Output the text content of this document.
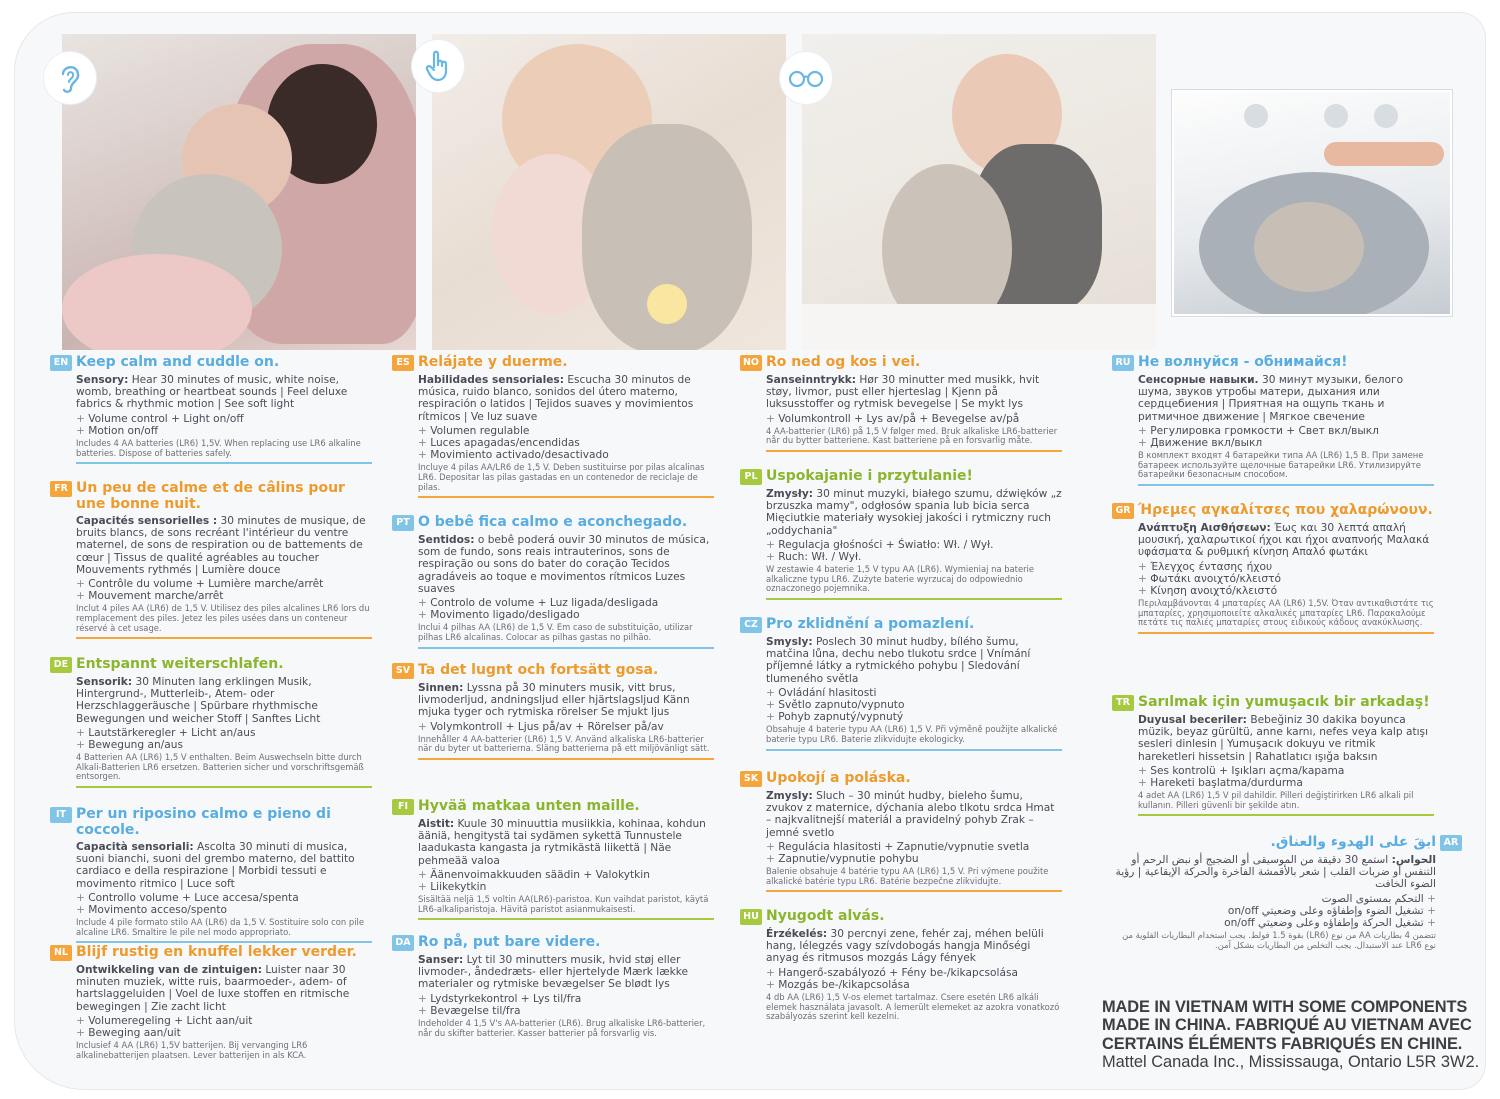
EN Keep calm and cuddle on.
Sensory: Hear 30 minutes of music, white noise, womb, breathing or heartbeat sounds | Feel deluxe fabrics & rhythmic motion | See soft light
+ Volume control + Light on/off
+ Motion on/off
Includes 4 AA batteries (LR6) 1,5V. When replacing use LR6 alkaline batteries. Dispose of batteries safely.
FR Un peu de calme et de câlins pour une bonne nuit.
Capacités sensorielles : 30 minutes de musique, de bruits blancs, de sons recréant l'intérieur du ventre maternel, de sons de respiration ou de battements de cœur | Tissus de qualité agréables au toucher Mouvements rythmés | Lumière douce
+ Contrôle du volume + Lumière marche/arrêt
+ Mouvement marche/arrêt
Inclut 4 piles AA (LR6) de 1,5 V. Utilisez des piles alcalines LR6 lors du remplacement des piles. Jetez les piles usées dans un conteneur réservé à cet usage.
DE Entspannt weiterschlafen.
Sensorik: 30 Minuten lang erklingen Musik, Hintergrund-, Mutterleib-, Atem- oder Herzschlaggeräusche | Spürbare rhythmische Bewegungen und weicher Stoff | Sanftes Licht
+ Lautstärkeregler + Licht an/aus
+ Bewegung an/aus
4 Batterien AA (LR6) 1,5 V enthalten. Beim Auswechseln bitte durch Alkali-Batterien LR6 ersetzen. Batterien sicher und vorschriftsgemäß entsorgen.
IT Per un riposino calmo e pieno di coccole.
Capacità sensoriali: Ascolta 30 minuti di musica, suoni bianchi, suoni del grembo materno, del battito cardiaco e della respirazione | Morbidi tessuti e movimento ritmico | Luce soft
+ Controllo volume + Luce accesa/spenta
+ Movimento acceso/spento
Include 4 pile formato stilo AA (LR6) da 1,5 V. Sostituire solo con pile alcaline LR6. Smaltire le pile nel modo appropriato.
NL Blijf rustig en knuffel lekker verder.
Ontwikkeling van de zintuigen: Luister naar 30 minuten muziek, witte ruis, baarmoeder-, adem- of hartslaggeluiden | Voel de luxe stoffen en ritmische bewegingen | Zie zacht licht
+ Volumeregeling + Licht aan/uit
+ Beweging aan/uit
Inclusief 4 AA (LR6) 1,5V batterijen. Bij vervanging LR6 alkalinebatterijen plaatsen. Lever batterijen in als KCA.
ES Relájate y duerme.
Habilidades sensoriales: Escucha 30 minutos de música, ruido blanco, sonidos del útero materno, respiración o latidos | Tejidos suaves y movimientos rítmicos | Ve luz suave
+ Volumen regulable
+ Luces apagadas/encendidas
+ Movimiento activado/desactivado
Incluye 4 pilas AA/LR6 de 1,5 V. Deben sustituirse por pilas alcalinas LR6. Depositar las pilas gastadas en un contenedor de reciclaje de pilas.
PT O bebê fica calmo e aconchegado.
Sentidos: o bebê poderá ouvir 30 minutos de música, som de fundo, sons reais intrauterinos, sons de respiração ou sons do bater do coração Tecidos agradáveis ao toque e movimentos rítmicos Luzes suaves
+ Controlo de volume + Luz ligada/desligada
+ Movimento ligado/desligado
Inclui 4 pilhas AA (LR6) de 1,5 V. Em caso de substituição, utilizar pilhas LR6 alcalinas. Colocar as pilhas gastas no pilhão.
SV Ta det lugnt och fortsätt gosa.
Sinnen: Lyssna på 30 minuters musik, vitt brus, livmoderljud, andningsljud eller hjärtslagsljud Känn mjuka tyger och rytmiska rörelser Se mjukt ljus
+ Volymkontroll + Ljus på/av + Rörelser på/av
Innehåller 4 AA-batterier (LR6) 1,5 V. Använd alkaliska LR6-batterier när du byter ut batterierna. Släng batterierna på ett miljövänligt sätt.
FI Hyvää matkaa unten maille.
Aistit: Kuule 30 minuuttia musiikkia, kohinaa, kohdun ääniä, hengitystä tai sydämen sykettä Tunnustele laadukasta kangasta ja rytmikästä liikettä | Näe pehmeää valoa
+ Äänenvoimakkuuden säädin + Valokytkin
+ Liikekytkin
Sisältää neljä 1,5 voltin AA(LR6)-paristoa. Kun vaihdat paristot, käytä LR6-alkaliparistoja. Hävitä paristot asianmukaisesti.
DA Ro på, put bare videre.
Sanser: Lyt til 30 minutters musik, hvid støj eller livmoder-, åndedræts- eller hjertelyde Mærk lække materialer og rytmiske bevægelser Se blødt lys
+ Lydstyrkekontrol + Lys til/fra
+ Bevægelse til/fra
Indeholder 4 1,5 V's AA-batterier (LR6). Brug alkaliske LR6-batterier, når du skifter batterier. Kasser batterier på forsvarlig vis.
NO Ro ned og kos i vei.
Sanseinntrykk: Hør 30 minutter med musikk, hvit støy, livmor, pust eller hjerteslag | Kjenn på luksusstoffer og rytmisk bevegelse | Se mykt lys
+ Volumkontroll + Lys av/på + Bevegelse av/på
4 AA-batterier (LR6) på 1,5 V følger med. Bruk alkaliske LR6-batterier når du bytter batteriene. Kast batteriene på en forsvarlig måte.
PL Uspokajanie i przytulanie!
Zmysły: 30 minut muzyki, białego szumu, dźwięków „z brzuszka mamy", odgłosów spania lub bicia serca Mięciutkie materiały wysokiej jakości i rytmiczny ruch „oddychania"
+ Regulacja głośności + Światło: Wł. / Wył.
+ Ruch: Wł. / Wył.
W zestawie 4 baterie 1,5 V typu AA (LR6). Wymieniaj na baterie alkaliczne typu LR6. Zużyte baterie wyrzucaj do odpowiednio oznaczonego pojemnika.
CZ Pro zklidnění a pomazlení.
Smysly: Poslech 30 minut hudby, bílého šumu, matčina lůna, dechu nebo tlukotu srdce | Vnímání příjemné látky a rytmického pohybu | Sledování tlumeného světla
+ Ovládání hlasitosti
+ Světlo zapnuto/vypnuto
+ Pohyb zapnutý/vypnutý
Obsahuje 4 baterie typu AA (LR6) 1,5 V. Při výměně použijte alkalické baterie typu LR6. Baterie zlikvidujte ekologicky.
SK Upokojí a poláska.
Zmysly: Sluch – 30 minút hudby, bieleho šumu, zvukov z maternice, dýchania alebo tlkotu srdca Hmat – najkvalitnejší materiál a pravidelný pohyb Zrak – jemné svetlo
+ Regulácia hlasitosti + Zapnutie/vypnutie svetla
+ Zapnutie/vypnutie pohybu
Balenie obsahuje 4 batérie typu AA (LR6) 1,5 V. Pri výmene použite alkalické batérie typu LR6. Batérie bezpečne zlikvidujte.
HU Nyugodt alvás.
Érzékelés: 30 percnyi zene, fehér zaj, méhen belüli hang, lélegzés vagy szívdobogás hangja Minőségi anyag és ritmusos mozgás Lágy fények
+ Hangerő-szabályozó + Fény be-/kikapcsolása
+ Mozgás be-/kikapcsolása
4 db AA (LR6) 1,5 V-os elemet tartalmaz. Csere esetén LR6 alkáli elemek használata javasolt. A lemerült elemeket az azokra vonatkozó szabályozás szerint kell kezelni.
RU Не волнуйся - обнимайся!
Сенсорные навыки. 30 минут музыки, белого шума, звуков утробы матери, дыхания или сердцебиения | Приятная на ощупь ткань и ритмичное движение | Мягкое свечение
+ Регулировка громкости + Свет вкл/выкл
+ Движение вкл/выкл
В комплект входят 4 батарейки типа АА (LR6) 1,5 В. При замене батареек используйте щелочные батарейки LR6. Утилизируйте батарейки безопасным способом.
GR Ήρεμες αγκαλίτσες που χαλαρώνουν.
Ανάπτυξη Αισθήσεων: Έως και 30 λεπτά απαλή μουσική, χαλαρωτικοί ήχοι και ήχοι αναπνοής Μαλακά υφάσματα & ρυθμική κίνηση Απαλό φωτάκι
+ Έλεγχος έντασης ήχου
+ Φωτάκι ανοιχτό/κλειστό
+ Κίνηση ανοιχτό/κλειστό
Περιλαμβάνονται 4 μπαταρίες AA (LR6) 1,5V. Όταν αντικαθιστάτε τις μπαταρίες, χρησιμοποιείτε αλκαλικές μπαταρίες LR6. Παρακαλούμε πετάτε τις παλιές μπαταρίες στους ειδικούς κάδους ανακύκλωσης.
TR Sarılmak için yumuşacık bir arkadaş!
Duyusal beceriler: Bebeğiniz 30 dakika boyunca müzik, beyaz gürültü, anne karnı, nefes veya kalp atışı sesleri dinlesin | Yumuşacık dokuyu ve ritmik hareketleri hissetsin | Rahatlatıcı ışığa baksın
+ Ses kontrolü + Işıkları açma/kapama
+ Hareketi başlatma/durdurma
4 adet AA (LR6) 1,5 V pil dahildir. Pilleri değiştirirken LR6 alkali pil kullanın. Pilleri güvenli bir şekilde atın.
AR
ابقَ على الهدوء والعناق.
الحواس: استمع 30 دقيقة من الموسيقى أو الضجيج أو نبض الرحم أو التنفس أو ضربات القلب | شعر بالأقمشة الفاخرة والحركة الإيقاعية | رؤية الضوء الخافت
+ التحكم بمستوى الصوت
+ تشغيل الضوء وإطفاؤه وعلى وضعيتي on/off
+ تشغيل الحركة وإطفاؤه وعلى وضعيتي on/off
تتضمن 4 بطاريات AA من نوع (LR6) بقوة 1.5 فولط. يجب استخدام البطاريات القلوية من نوع LR6 عند الاستبدال. يجب التخلص من البطاريات بشكل آمن.
MADE IN VIETNAM WITH SOME COMPONENTS
MADE IN CHINA. FABRIQUÉ AU VIETNAM AVEC
CERTAINS ÉLÉMENTS FABRIQUÉS EN CHINE.
Mattel Canada Inc., Mississauga, Ontario L5R 3W2.
